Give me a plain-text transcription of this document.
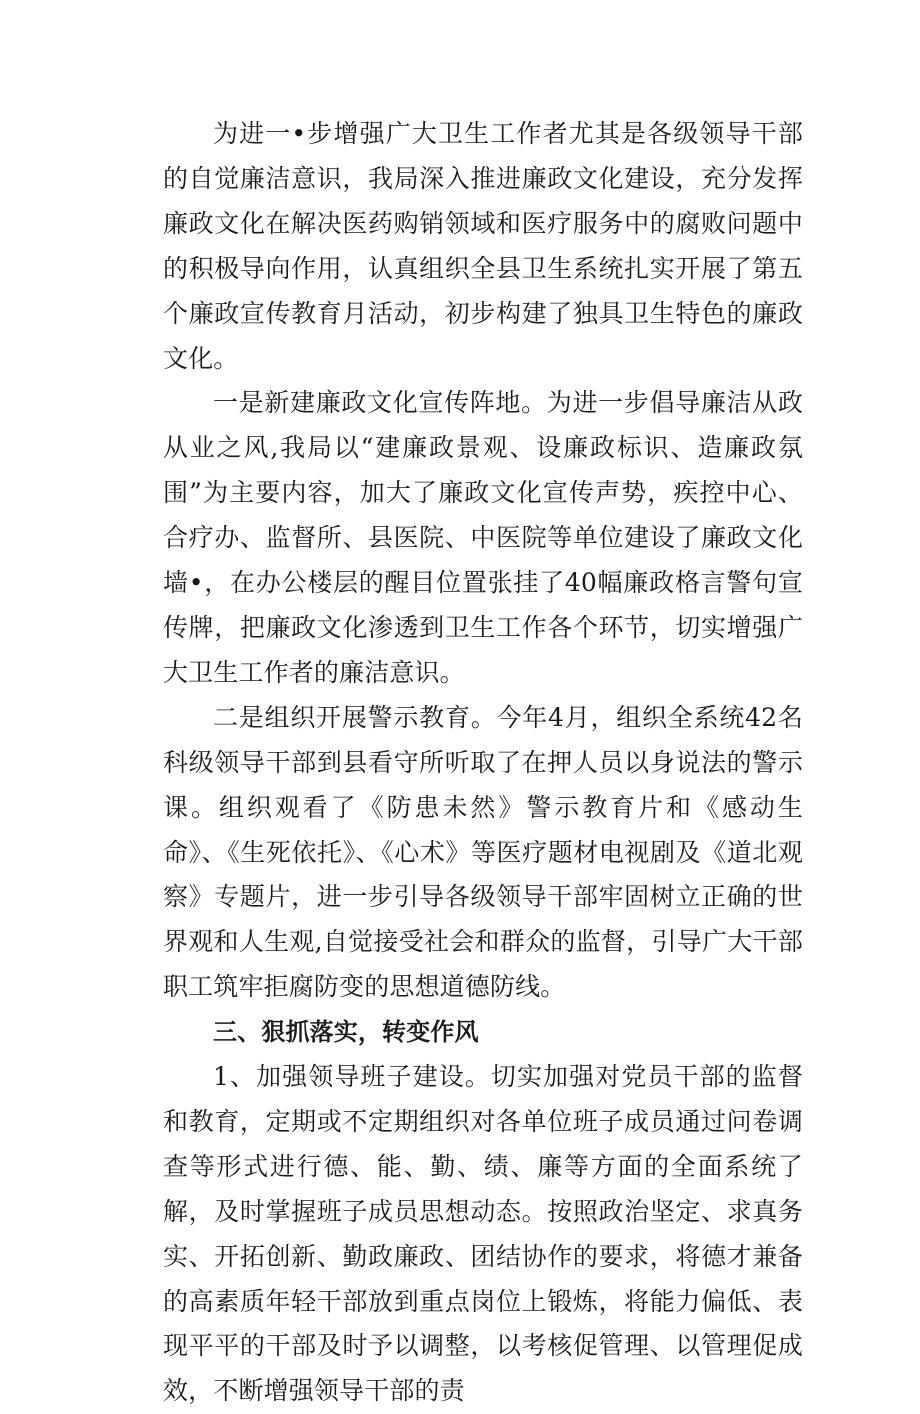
为进一•步增强广大卫生工作者尤其是各级领导干部的自觉廉洁意识，我局深入推进廉政文化建设，充分发挥廉政文化在解决医药购销领域和医疗服务中的腐败问题中的积极导向作用，认真组织全县卫生系统扎实开展了第五个廉政宣传教育月活动，初步构建了独具卫生特色的廉政文化。

一是新建廉政文化宣传阵地。为进一步倡导廉洁从政从业之风,我局以“建廉政景观、设廉政标识、造廉政氛围”为主要内容，加大了廉政文化宣传声势，疾控中心、合疗办、监督所、县医院、中医院等单位建设了廉政文化墙•，在办公楼层的醒目位置张挂了40幅廉政格言警句宣传牌，把廉政文化渗透到卫生工作各个环节，切实增强广大卫生工作者的廉洁意识。

二是组织开展警示教育。今年4月，组织全系统42名科级领导干部到县看守所听取了在押人员以身说法的警示课。组织观看了《防患未然》警示教育片和《感动生命》、《生死依托》、《心术》等医疗题材电视剧及《道北观察》专题片，进一步引导各级领导干部牢固树立正确的世界观和人生观,自觉接受社会和群众的监督，引导广大干部职工筑牢拒腐防变的思想道德防线。

三、狠抓落实，转变作风

1、加强领导班子建设。切实加强对党员干部的监督和教育，定期或不定期组织对各单位班子成员通过问卷调查等形式进行德、能、勤、绩、廉等方面的全面系统了解，及时掌握班子成员思想动态。按照政治坚定、求真务实、开拓创新、勤政廉政、团结协作的要求，将德才兼备的高素质年轻干部放到重点岗位上锻炼，将能力偏低、表现平平的干部及时予以调整，以考核促管理、以管理促成效，不断增强领导干部的责
